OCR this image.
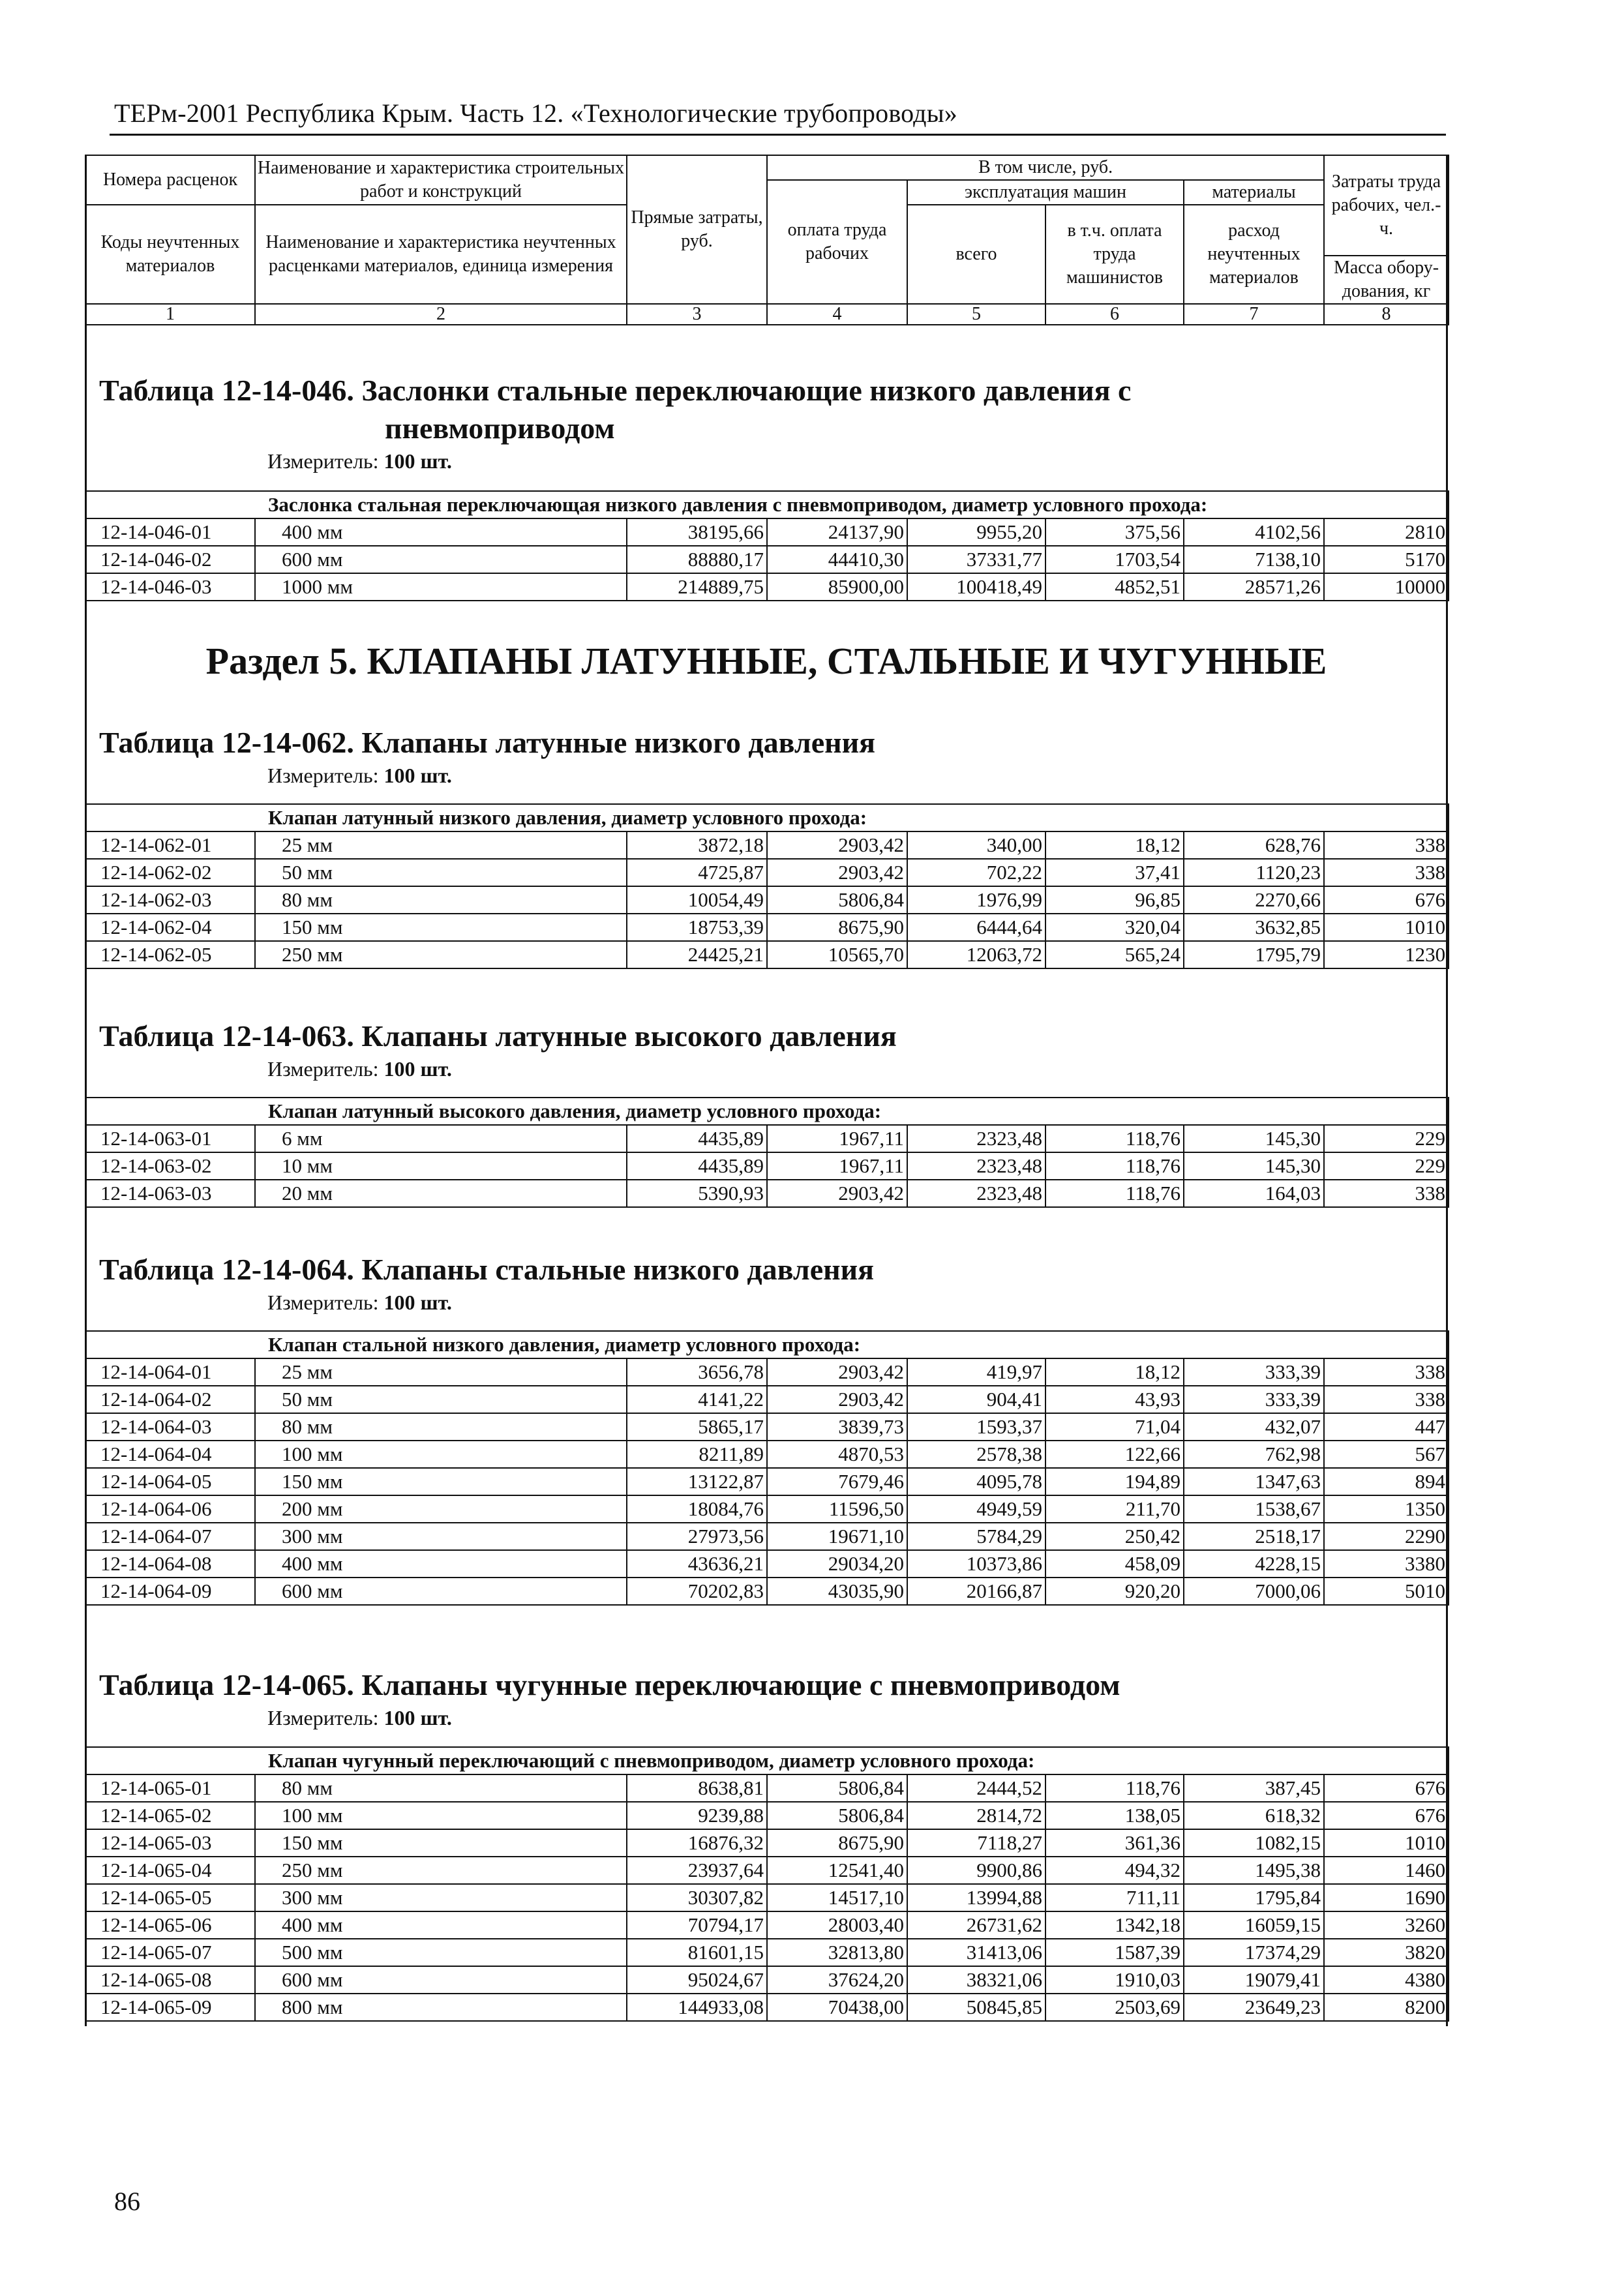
ТЕРм-2001 Республика Крым. Часть 12. «Технологические трубопроводы»
Номера расценок	Наименование и характеристика строительных работ и конструкций	Прямые затраты, руб.	В том числе, руб.				Затраты труда рабочих, чел.-ч.
			оплата труда рабочих	эксплуатация машин		материалы	
Коды неучтенных материалов	Наименование и характеристика неучтенных расценками материалов, единица измерения			всего	в т.ч. оплата труда машинистов	расход неучтенных материалов	
							Масса обору-дования, кг
1	2	3	4	5	6	7	8
Таблица 12-14-046. Заслонки стальные переключающие низкого давления с
пневмоприводом
Измеритель: 100 шт.
Раздел 5. КЛАПАНЫ ЛАТУННЫЕ, СТАЛЬНЫЕ И ЧУГУННЫЕ
Таблица 12-14-062. Клапаны латунные низкого давления
Измеритель: 100 шт.
Таблица 12-14-063. Клапаны латунные высокого давления
Измеритель: 100 шт.
Таблица 12-14-064. Клапаны стальные низкого давления
Измеритель: 100 шт.
Таблица 12-14-065. Клапаны чугунные переключающие с пневмоприводом
Измеритель: 100 шт.
86
	Заслонка стальная переключающая низкого давления с пневмоприводом, диаметр условного прохода:						
12-14-046-01	400 мм	38195,66	24137,90	9955,20	375,56	4102,56	2810
12-14-046-02	600 мм	88880,17	44410,30	37331,77	1703,54	7138,10	5170
12-14-046-03	1000 мм	214889,75	85900,00	100418,49	4852,51	28571,26	10000
	Клапан латунный низкого давления, диаметр условного прохода:						
12-14-062-01	25 мм	3872,18	2903,42	340,00	18,12	628,76	338
12-14-062-02	50 мм	4725,87	2903,42	702,22	37,41	1120,23	338
12-14-062-03	80 мм	10054,49	5806,84	1976,99	96,85	2270,66	676
12-14-062-04	150 мм	18753,39	8675,90	6444,64	320,04	3632,85	1010
12-14-062-05	250 мм	24425,21	10565,70	12063,72	565,24	1795,79	1230
	Клапан латунный высокого давления, диаметр условного прохода:						
12-14-063-01	6 мм	4435,89	1967,11	2323,48	118,76	145,30	229
12-14-063-02	10 мм	4435,89	1967,11	2323,48	118,76	145,30	229
12-14-063-03	20 мм	5390,93	2903,42	2323,48	118,76	164,03	338
	Клапан стальной низкого давления, диаметр условного прохода:						
12-14-064-01	25 мм	3656,78	2903,42	419,97	18,12	333,39	338
12-14-064-02	50 мм	4141,22	2903,42	904,41	43,93	333,39	338
12-14-064-03	80 мм	5865,17	3839,73	1593,37	71,04	432,07	447
12-14-064-04	100 мм	8211,89	4870,53	2578,38	122,66	762,98	567
12-14-064-05	150 мм	13122,87	7679,46	4095,78	194,89	1347,63	894
12-14-064-06	200 мм	18084,76	11596,50	4949,59	211,70	1538,67	1350
12-14-064-07	300 мм	27973,56	19671,10	5784,29	250,42	2518,17	2290
12-14-064-08	400 мм	43636,21	29034,20	10373,86	458,09	4228,15	3380
12-14-064-09	600 мм	70202,83	43035,90	20166,87	920,20	7000,06	5010
	Клапан чугунный переключающий с пневмоприводом, диаметр условного прохода:						
12-14-065-01	80 мм	8638,81	5806,84	2444,52	118,76	387,45	676
12-14-065-02	100 мм	9239,88	5806,84	2814,72	138,05	618,32	676
12-14-065-03	150 мм	16876,32	8675,90	7118,27	361,36	1082,15	1010
12-14-065-04	250 мм	23937,64	12541,40	9900,86	494,32	1495,38	1460
12-14-065-05	300 мм	30307,82	14517,10	13994,88	711,11	1795,84	1690
12-14-065-06	400 мм	70794,17	28003,40	26731,62	1342,18	16059,15	3260
12-14-065-07	500 мм	81601,15	32813,80	31413,06	1587,39	17374,29	3820
12-14-065-08	600 мм	95024,67	37624,20	38321,06	1910,03	19079,41	4380
12-14-065-09	800 мм	144933,08	70438,00	50845,85	2503,69	23649,23	8200
